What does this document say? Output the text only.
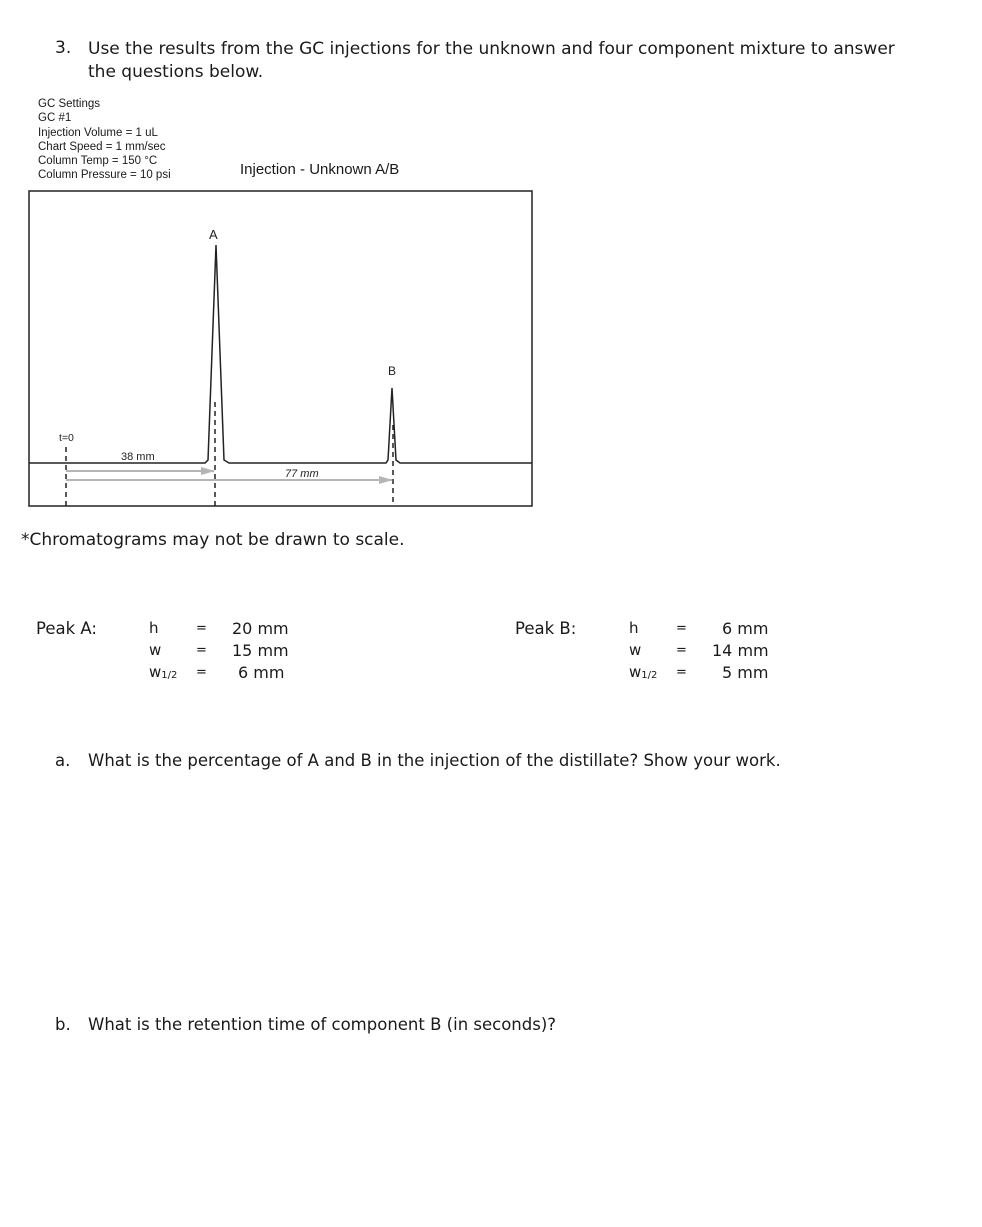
3. Use the results from the GC injections for the unknown and four component mixture to answer the questions below.
GC Settings
GC #1
Injection Volume = 1 uL
Chart Speed = 1 mm/sec
Column Temp = 150 °C
Column Pressure = 10 psi	Injection - Unknown A/B
t=0
A
B
38 mm
77 mm
*Chromatograms may not be drawn to scale.
Peak A:	h	= 20 mm
w	= 15 mm
w1/2 = 6 mm
Peak B:	h	= 6 mm
w	= 14 mm
w1/2 = 5 mm
a. What is the percentage of A and B in the injection of the distillate? Show your work.
b. What is the retention time of component B (in seconds)?
